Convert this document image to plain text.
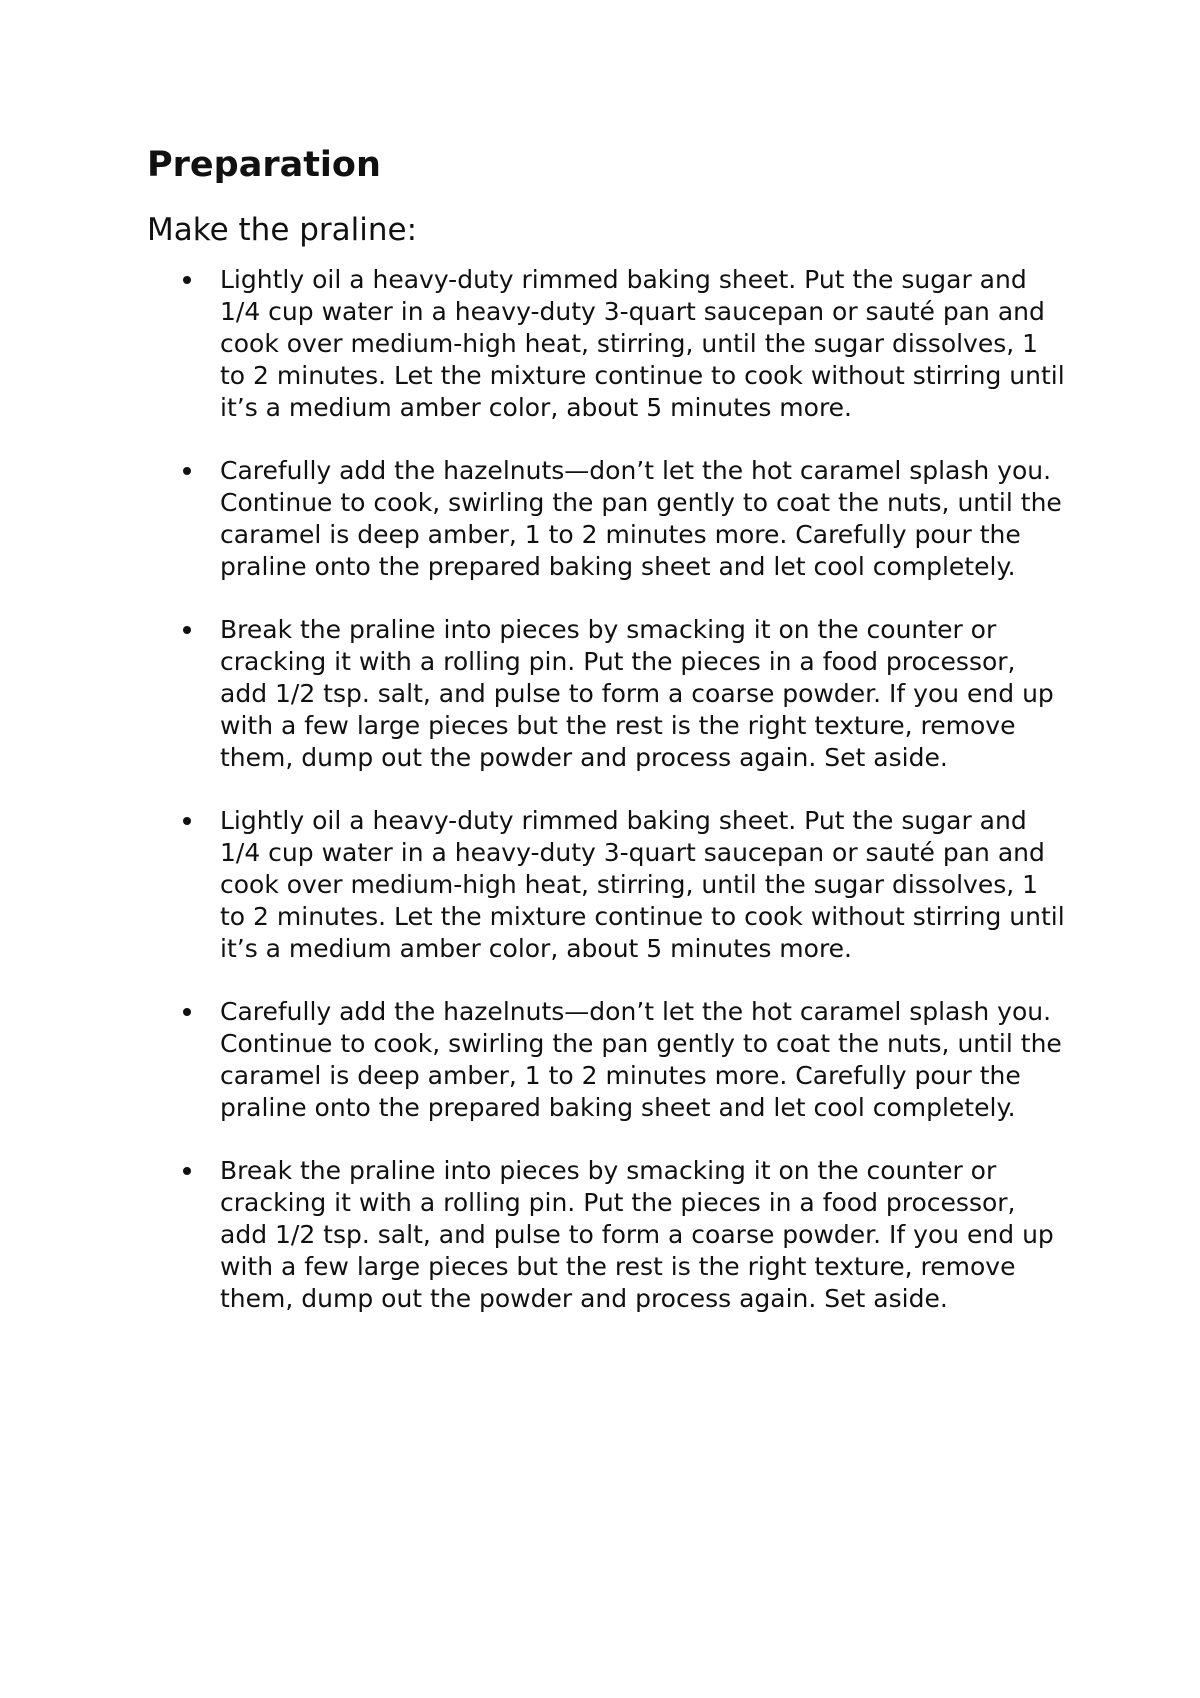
Preparation
Make the praline:
Lightly oil a heavy-duty rimmed baking sheet. Put the sugar and 1/4 cup water in a heavy-duty 3-quart saucepan or sauté pan and cook over medium-high heat, stirring, until the sugar dissolves, 1 to 2 minutes. Let the mixture continue to cook without stirring until it’s a medium amber color, about 5 minutes more.
Carefully add the hazelnuts—don’t let the hot caramel splash you. Continue to cook, swirling the pan gently to coat the nuts, until the caramel is deep amber, 1 to 2 minutes more. Carefully pour the praline onto the prepared baking sheet and let cool completely.
Break the praline into pieces by smacking it on the counter or cracking it with a rolling pin. Put the pieces in a food processor, add 1/2 tsp. salt, and pulse to form a coarse powder. If you end up with a few large pieces but the rest is the right texture, remove them, dump out the powder and process again. Set aside.
Lightly oil a heavy-duty rimmed baking sheet. Put the sugar and 1/4 cup water in a heavy-duty 3-quart saucepan or sauté pan and cook over medium-high heat, stirring, until the sugar dissolves, 1 to 2 minutes. Let the mixture continue to cook without stirring until it’s a medium amber color, about 5 minutes more.
Carefully add the hazelnuts—don’t let the hot caramel splash you. Continue to cook, swirling the pan gently to coat the nuts, until the caramel is deep amber, 1 to 2 minutes more. Carefully pour the praline onto the prepared baking sheet and let cool completely.
Break the praline into pieces by smacking it on the counter or cracking it with a rolling pin. Put the pieces in a food processor, add 1/2 tsp. salt, and pulse to form a coarse powder. If you end up with a few large pieces but the rest is the right texture, remove them, dump out the powder and process again. Set aside.
